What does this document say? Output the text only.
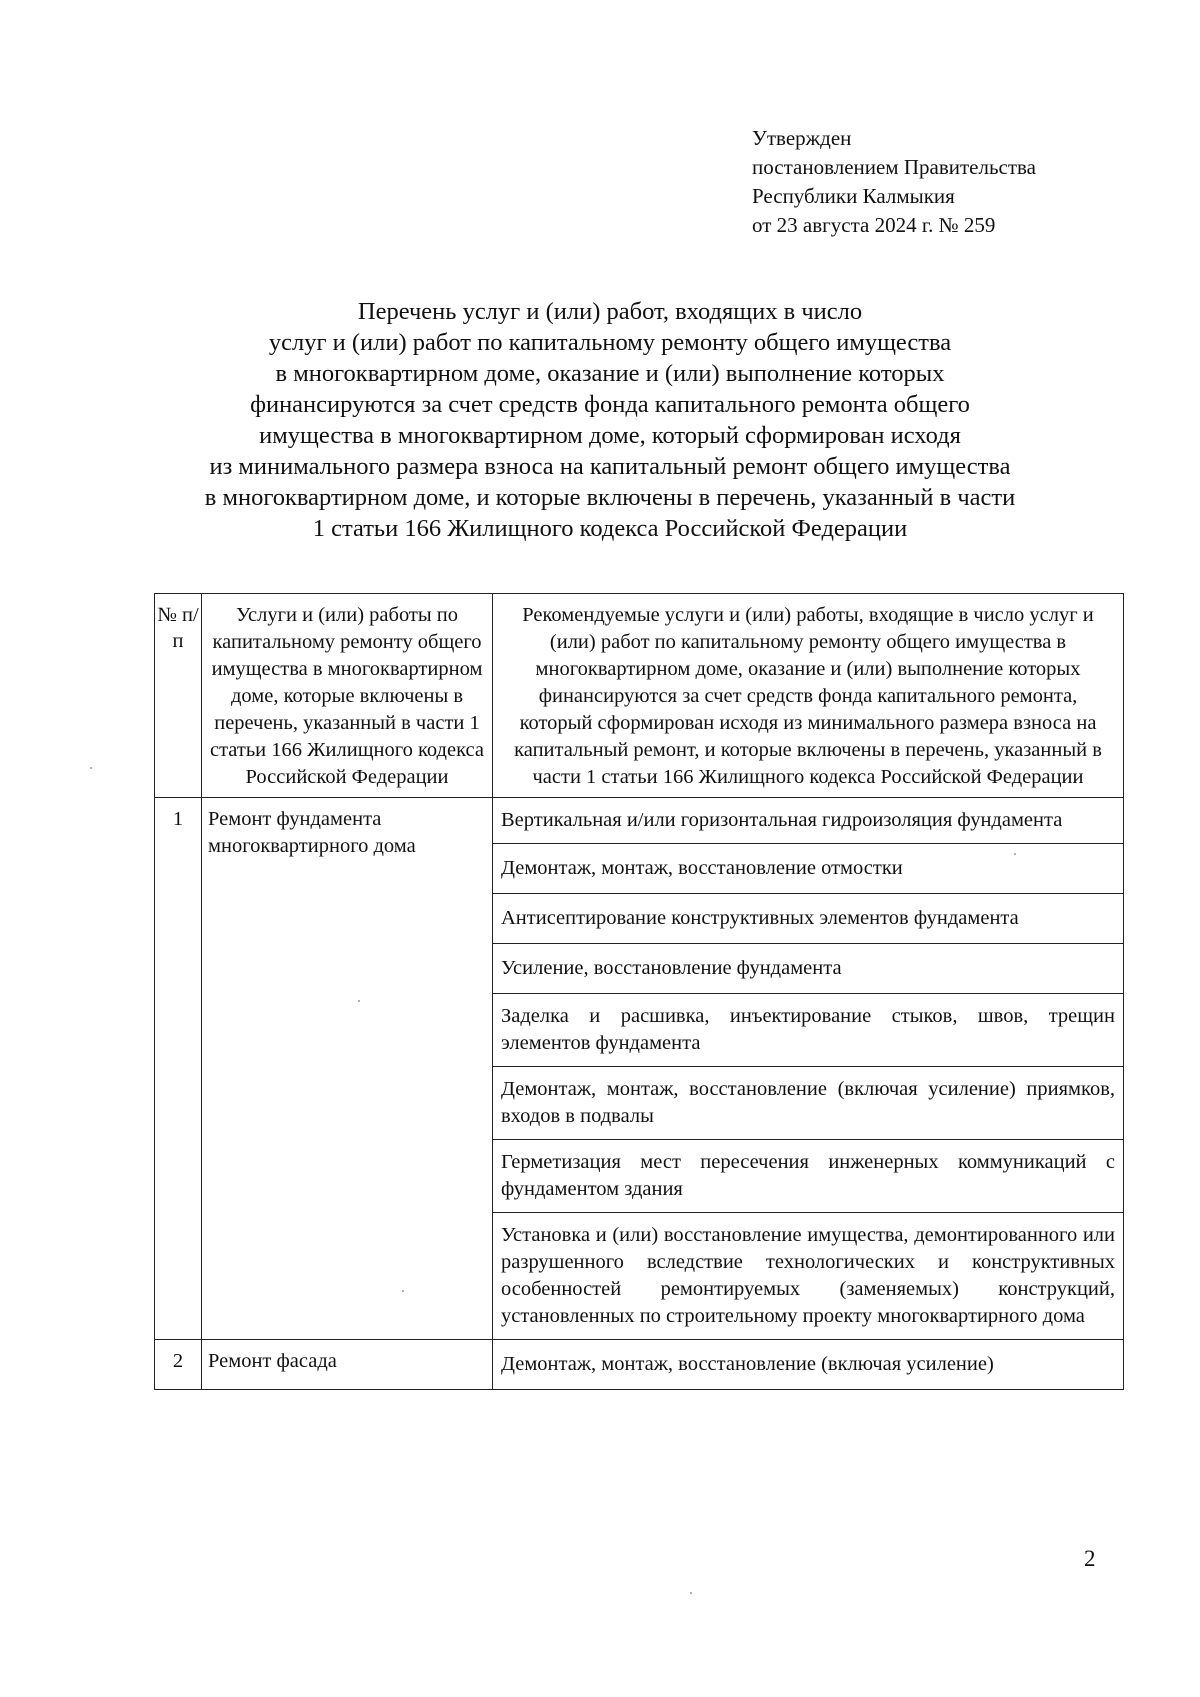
Утвержден
постановлением Правительства
Республики Калмыкия
от 23 августа 2024 г. № 259
Перечень услуг и (или) работ, входящих в число
услуг и (или) работ по капитальному ремонту общего имущества
в многоквартирном доме, оказание и (или) выполнение которых
финансируются за счет средств фонда капитального ремонта общего
имущества в многоквартирном доме, который сформирован исходя
из минимального размера взноса на капитальный ремонт общего имущества
в многоквартирном доме, и которые включены в перечень, указанный в части
1 статьи 166 Жилищного кодекса Российской Федерации
№ п/п	Услуги и (или) работы по капитальному ремонту общего имущества в многоквартирном доме, которые включены в перечень, указанный в части 1 статьи 166 Жилищного кодекса Российской Федерации	Рекомендуемые услуги и (или) работы, входящие в число услуг и (или) работ по капитальному ремонту общего имущества в многоквартирном доме, оказание и (или) выполнение которых финансируются за счет средств фонда капитального ремонта, который сформирован исходя из минимального размера взноса на капитальный ремонт, и которые включены в перечень, указанный в части 1 статьи 166 Жилищного кодекса Российской Федерации

1	Ремонт фундамента многоквартирного дома	Вертикальная и/или горизонтальная гидроизоляция фундамента
		Демонтаж, монтаж, восстановление отмостки
		Антисептирование конструктивных элементов фундамента
		Усиление, восстановление фундамента
		Заделка и расшивка, инъектирование стыков, швов, трещин элементов фундамента
		Демонтаж, монтаж, восстановление (включая усиление) приямков, входов в подвалы
		Герметизация мест пересечения инженерных коммуникаций с фундаментом здания
		Установка и (или) восстановление имущества, демонтированного или разрушенного вследствие технологических и конструктивных особенностей ремонтируемых (заменяемых) конструкций, установленных по строительному проекту многоквартирного дома
2	Ремонт фасада	Демонтаж, монтаж, восстановление (включая усиление)
2
